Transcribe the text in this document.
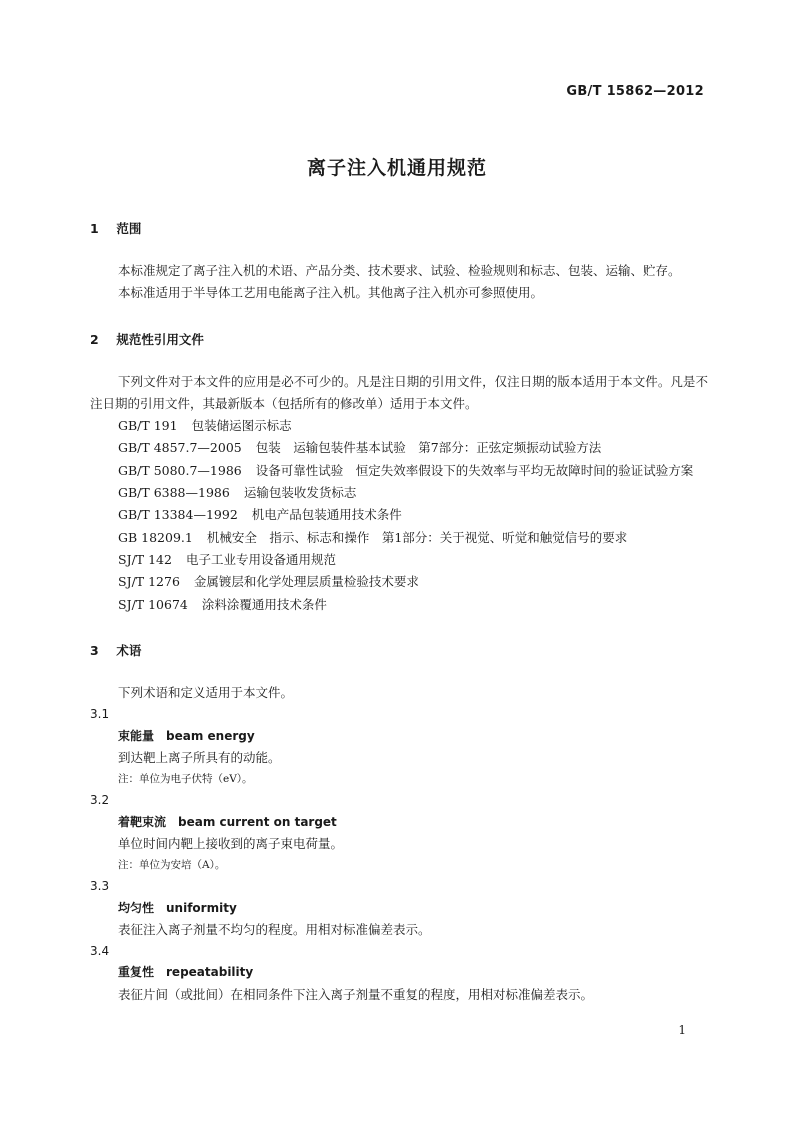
GB/T 15862—2012
离子注入机通用规范
1 范围

本标准规定了离子注入机的术语、产品分类、技术要求、试验、检验规则和标志、包装、运输、贮存。

本标准适用于半导体工艺用电能离子注入机。其他离子注入机亦可参照使用。

2 规范性引用文件

下列文件对于本文件的应用是必不可少的。凡是注日期的引用文件，仅注日期的版本适用于本文件。凡是不注日期的引用文件，其最新版本（包括所有的修改单）适用于本文件。

GB/T 191 包装储运图示标志

GB/T 4857.7—2005 包装　运输包装件基本试验　第7部分：正弦定频振动试验方法

GB/T 5080.7—1986 设备可靠性试验　恒定失效率假设下的失效率与平均无故障时间的验证试验方案

GB/T 6388—1986 运输包装收发货标志

GB/T 13384—1992 机电产品包装通用技术条件

GB 18209.1 机械安全　指示、标志和操作　第1部分：关于视觉、听觉和触觉信号的要求

SJ/T 142 电子工业专用设备通用规范

SJ/T 1276 金属镀层和化学处理层质量检验技术要求

SJ/T 10674 涂料涂覆通用技术条件

3 术语

下列术语和定义适用于本文件。

3.1
束能量 beam energy
到达靶上离子所具有的动能。
注：单位为电子伏特（eV）。
3.2
着靶束流 beam current on target
单位时间内靶上接收到的离子束电荷量。
注：单位为安培（A）。
3.3
均匀性 uniformity
表征注入离子剂量不均匀的程度。用相对标准偏差表示。
3.4
重复性 repeatability
表征片间（或批间）在相同条件下注入离子剂量不重复的程度，用相对标准偏差表示。
1
